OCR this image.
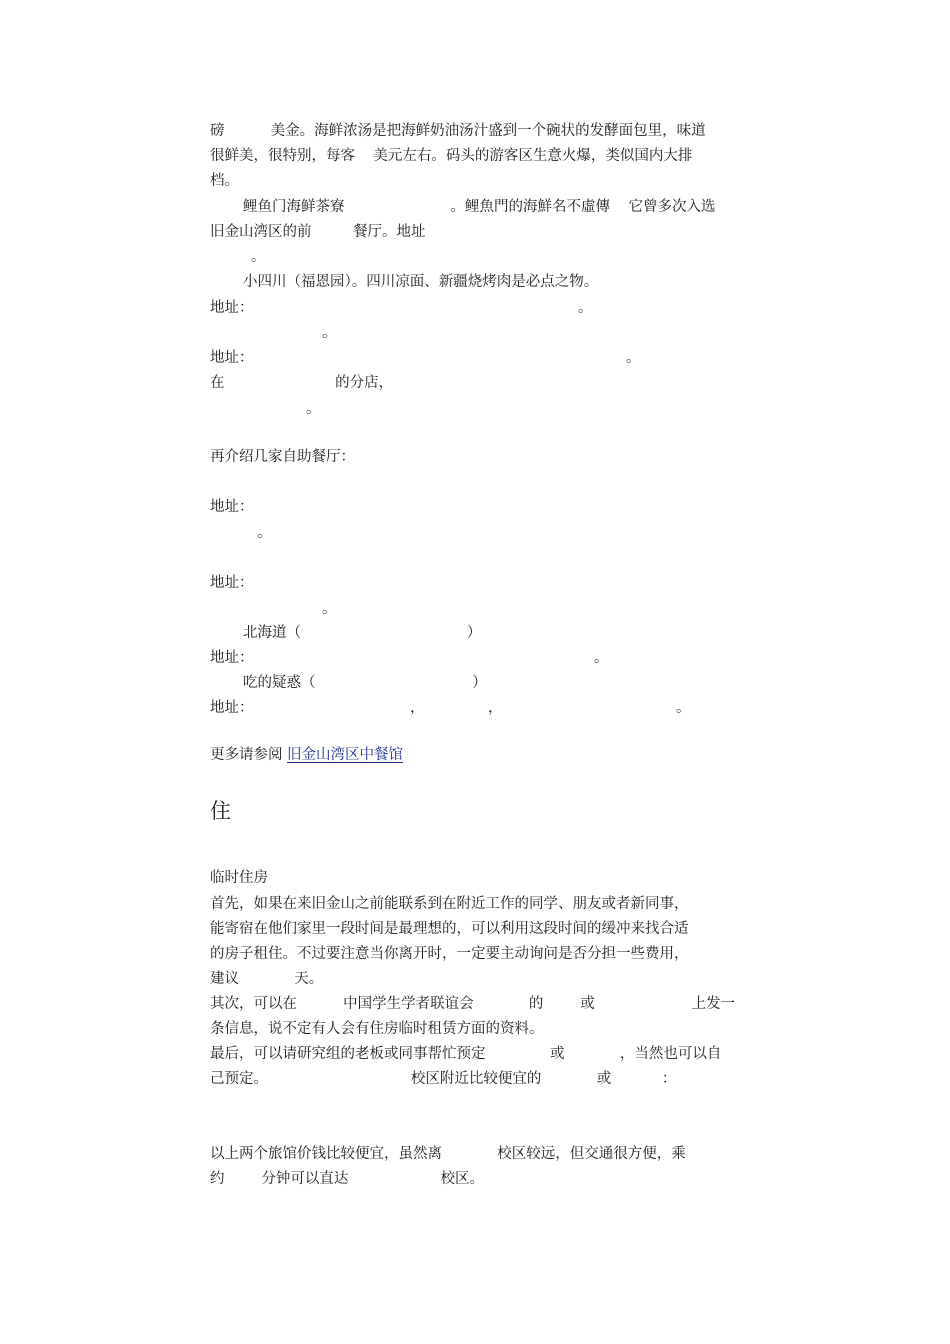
磅          美金。海鲜浓汤是把海鲜奶油汤汁盛到一个碗状的发酵面包里，味道
很鲜美，很特别，每客    美元左右。码头的游客区生意火爆，类似国内大排
档。
鲤鱼门海鲜茶寮                       。鲤魚門的海鮮名不虛傳    它曾多次入选
旧金山湾区的前         餐厅。地址
。
小四川（福恩园）。四川凉面、新疆烧烤肉是必点之物。
地址：	。
。
地址：	。
在                        的分店，
。
再介绍几家自助餐厅：
地址：
。
地址：
。
北海道（                                    ）
地址：	。
吃的疑惑（                                  ）
地址：	，	，	。
更多请参阅 旧金山湾区中餐馆
住
临时住房
首先，如果在来旧金山之前能联系到在附近工作的同学、朋友或者新同事，
能寄宿在他们家里一段时间是最理想的，可以利用这段时间的缓冲来找合适
的房子租住。不过要注意当你离开时，一定要主动询问是否分担一些费用，
建议            天。
其次，可以在          中国学生学者联谊会            的        或                     上发一
条信息，说不定有人会有住房临时租赁方面的资料。
最后，可以请研究组的老板或同事帮忙预定              或            ，当然也可以自
己预定。                               校区附近比较便宜的            或           ：
以上两个旅馆价钱比较便宜，虽然离            校区较远，但交通很方便，乘
约        分钟可以直达                    校区。
